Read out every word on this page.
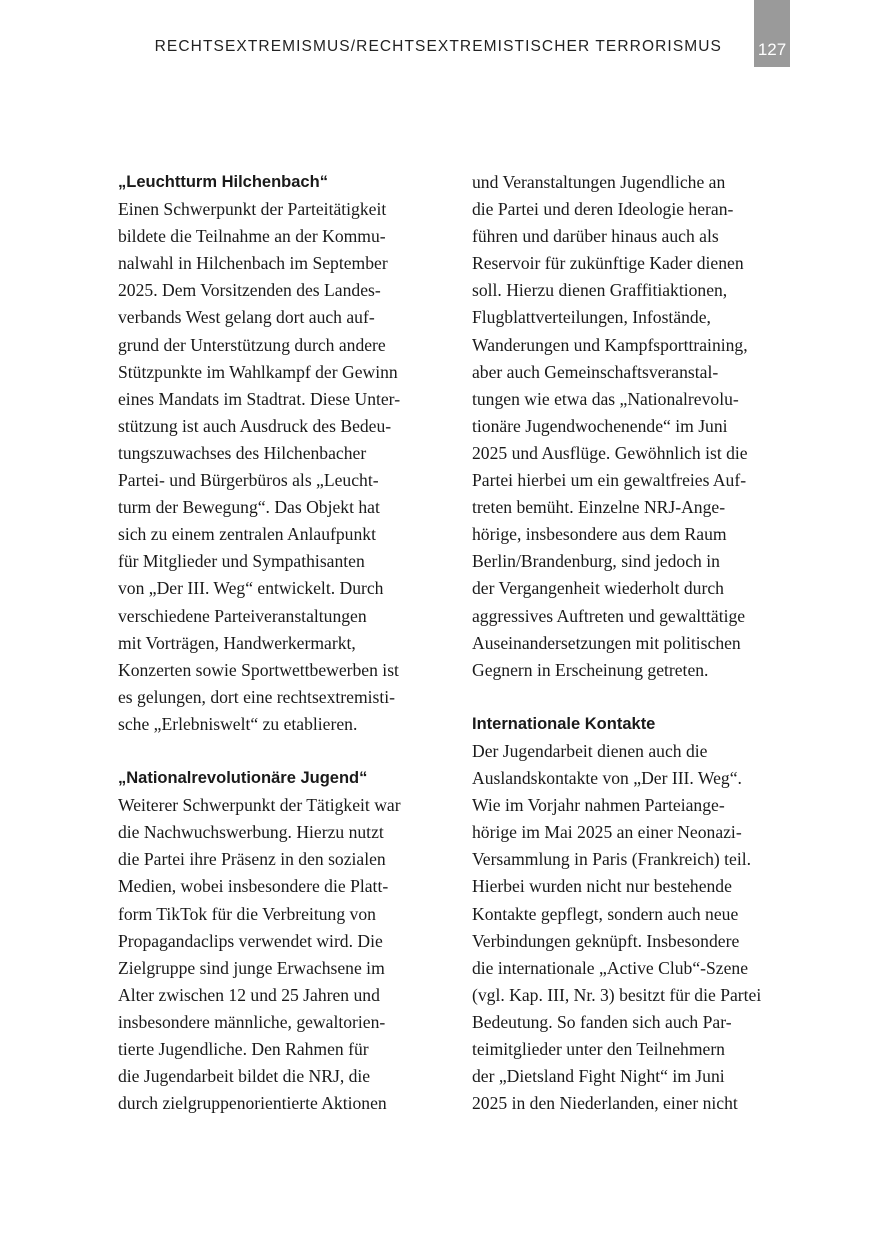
RECHTSEXTREMISMUS/RECHTSEXTREMISTISCHER TERRORISMUS 127
„Leuchtturm Hilchenbach“
Einen Schwerpunkt der Parteitätigkeit
bildete die Teilnahme an der Kommu-
nalwahl in Hilchenbach im September
2025. Dem Vorsitzenden des Landes-
verbands West gelang dort auch auf-
grund der Unterstützung durch andere
Stützpunkte im Wahlkampf der Gewinn
eines Mandats im Stadtrat. Diese Unter-
stützung ist auch Ausdruck des Bedeu-
tungszuwachses des Hilchenbacher
Partei- und Bürgerbüros als „Leucht-
turm der Bewegung“. Das Objekt hat
sich zu einem zentralen Anlaufpunkt
für Mitglieder und Sympathisanten
von „Der III. Weg“ entwickelt. Durch
verschiedene Parteiveranstaltungen
mit Vorträgen, Handwerkermarkt,
Konzerten sowie Sportwettbewerben ist
es gelungen, dort eine rechtsextremisti-
sche „Erlebniswelt“ zu etablieren.
„Nationalrevolutionäre Jugend“
Weiterer Schwerpunkt der Tätigkeit war
die Nachwuchswerbung. Hierzu nutzt
die Partei ihre Präsenz in den sozialen
Medien, wobei insbesondere die Platt-
form TikTok für die Verbreitung von
Propagandaclips verwendet wird. Die
Zielgruppe sind junge Erwachsene im
Alter zwischen 12 und 25 Jahren und
insbesondere männliche, gewaltorien-
tierte Jugendliche. Den Rahmen für
die Jugendarbeit bildet die NRJ, die
durch zielgruppenorientierte Aktionen
und Veranstaltungen Jugendliche an
die Partei und deren Ideologie heran-
führen und darüber hinaus auch als
Reservoir für zukünftige Kader dienen
soll. Hierzu dienen Graffitiaktionen,
Flugblattverteilungen, Infostände,
Wanderungen und Kampfsporttraining,
aber auch Gemeinschaftsveranstal-
tungen wie etwa das „Nationalrevolu-
tionäre Jugendwochenende“ im Juni
2025 und Ausflüge. Gewöhnlich ist die
Partei hierbei um ein gewaltfreies Auf-
treten bemüht. Einzelne NRJ-Ange-
hörige, insbesondere aus dem Raum
Berlin/Brandenburg, sind jedoch in
der Vergangenheit wiederholt durch
aggressives Auftreten und gewalttätige
Auseinandersetzungen mit politischen
Gegnern in Erscheinung getreten.
Internationale Kontakte
Der Jugendarbeit dienen auch die
Auslandskontakte von „Der III. Weg“.
Wie im Vorjahr nahmen Parteiange-
hörige im Mai 2025 an einer Neonazi-
Versammlung in Paris (Frankreich) teil.
Hierbei wurden nicht nur bestehende
Kontakte gepflegt, sondern auch neue
Verbindungen geknüpft. Insbesondere
die internationale „Active Club“-Szene
(vgl. Kap. III, Nr. 3) besitzt für die Partei
Bedeutung. So fanden sich auch Par-
teimitglieder unter den Teilnehmern
der „Dietsland Fight Night“ im Juni
2025 in den Niederlanden, einer nicht
